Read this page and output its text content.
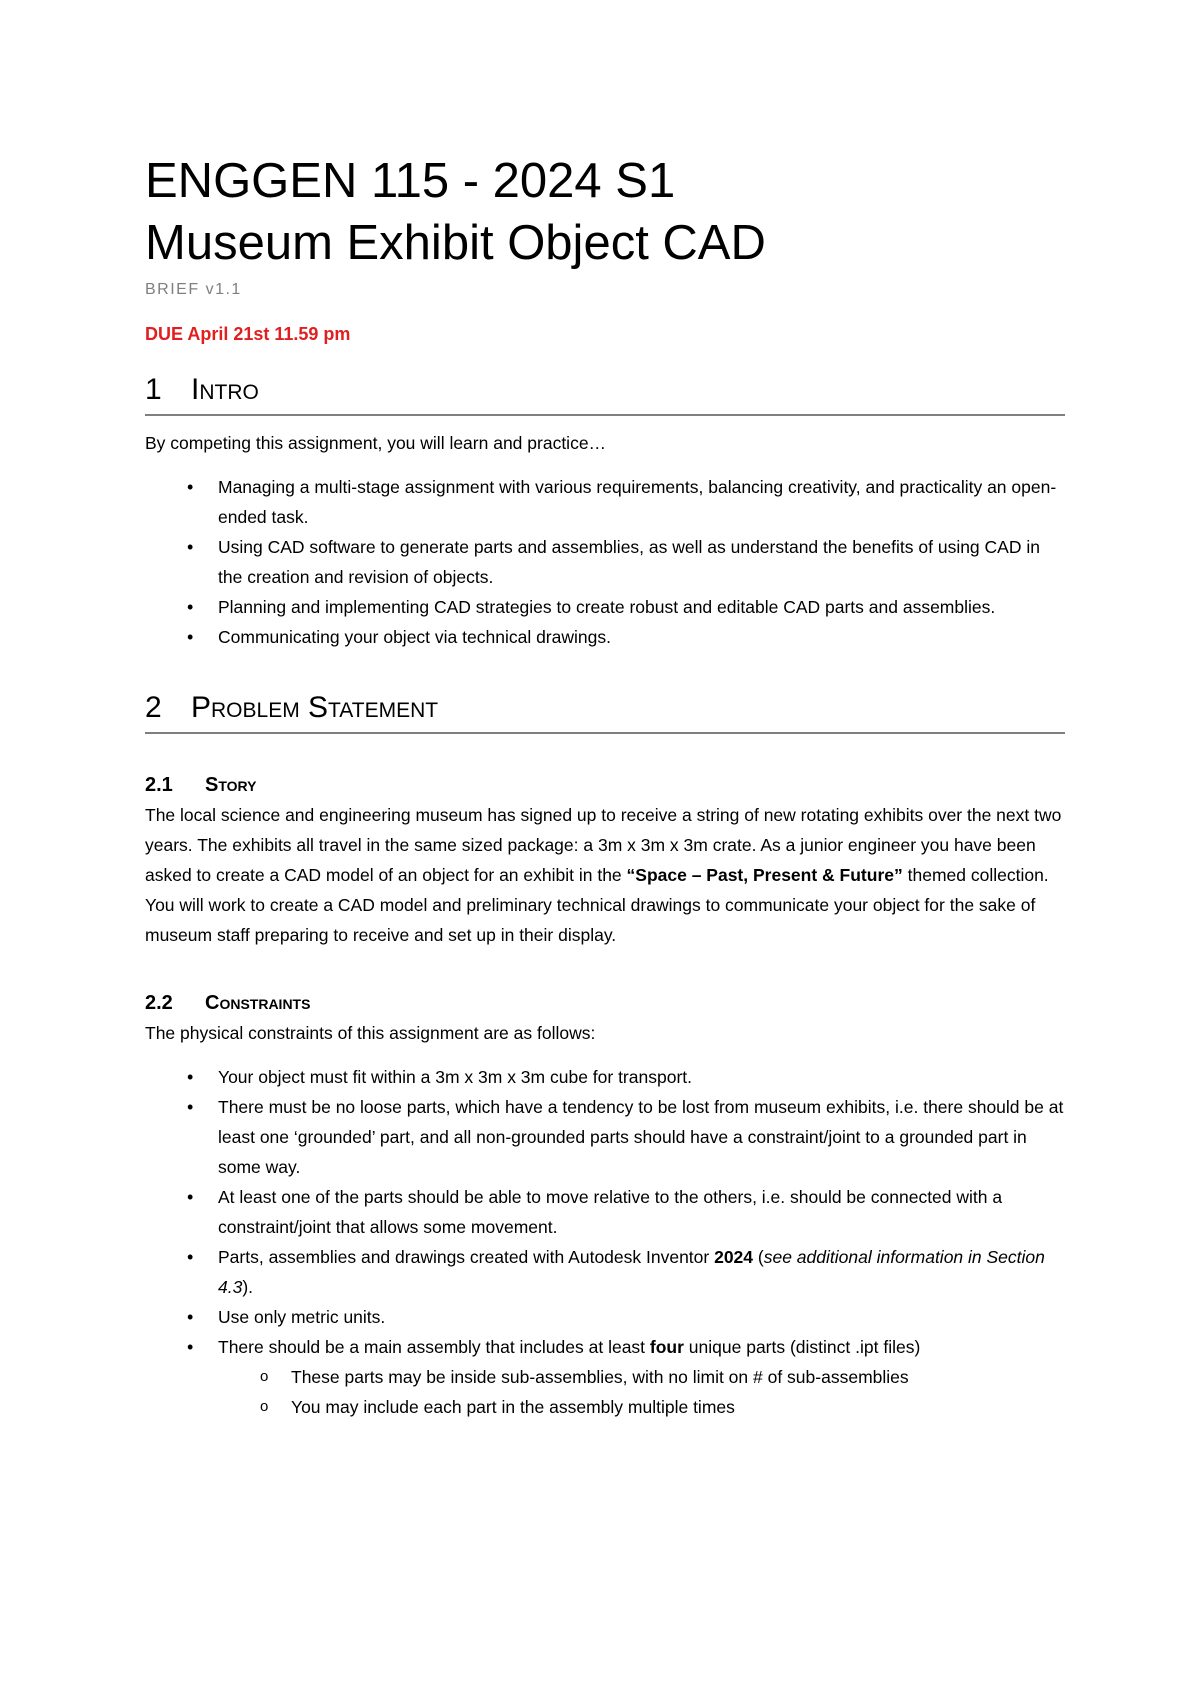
ENGGEN 115 - 2024 S1
Museum Exhibit Object CAD

BRIEF v1.1

DUE April 21st 11.59 pm

1 Intro

By competing this assignment, you will learn and practice…

• Managing a multi-stage assignment with various requirements, balancing creativity, and practicality an open-ended task.
• Using CAD software to generate parts and assemblies, as well as understand the benefits of using CAD in the creation and revision of objects.
• Planning and implementing CAD strategies to create robust and editable CAD parts and assemblies.
• Communicating your object via technical drawings.
2 Problem Statement
2.1 Story

The local science and engineering museum has signed up to receive a string of new rotating exhibits over the next two years. The exhibits all travel in the same sized package: a 3m x 3m x 3m crate. As a junior engineer you have been asked to create a CAD model of an object for an exhibit in the “Space – Past, Present & Future” themed collection. You will work to create a CAD model and preliminary technical drawings to communicate your object for the sake of museum staff preparing to receive and set up in their display.

2.2 Constraints

The physical constraints of this assignment are as follows:

• Your object must fit within a 3m x 3m x 3m cube for transport.
• There must be no loose parts, which have a tendency to be lost from museum exhibits, i.e. there should be at least one ‘grounded’ part, and all non-grounded parts should have a constraint/joint to a grounded part in some way.
• At least one of the parts should be able to move relative to the others, i.e. should be connected with a constraint/joint that allows some movement.
• Parts, assemblies and drawings created with Autodesk Inventor 2024 (see additional information in Section 4.3).
• Use only metric units.
• There should be a main assembly that includes at least four unique parts (distinct .ipt files)
o These parts may be inside sub-assemblies, with no limit on # of sub-assemblies
o You may include each part in the assembly multiple times
